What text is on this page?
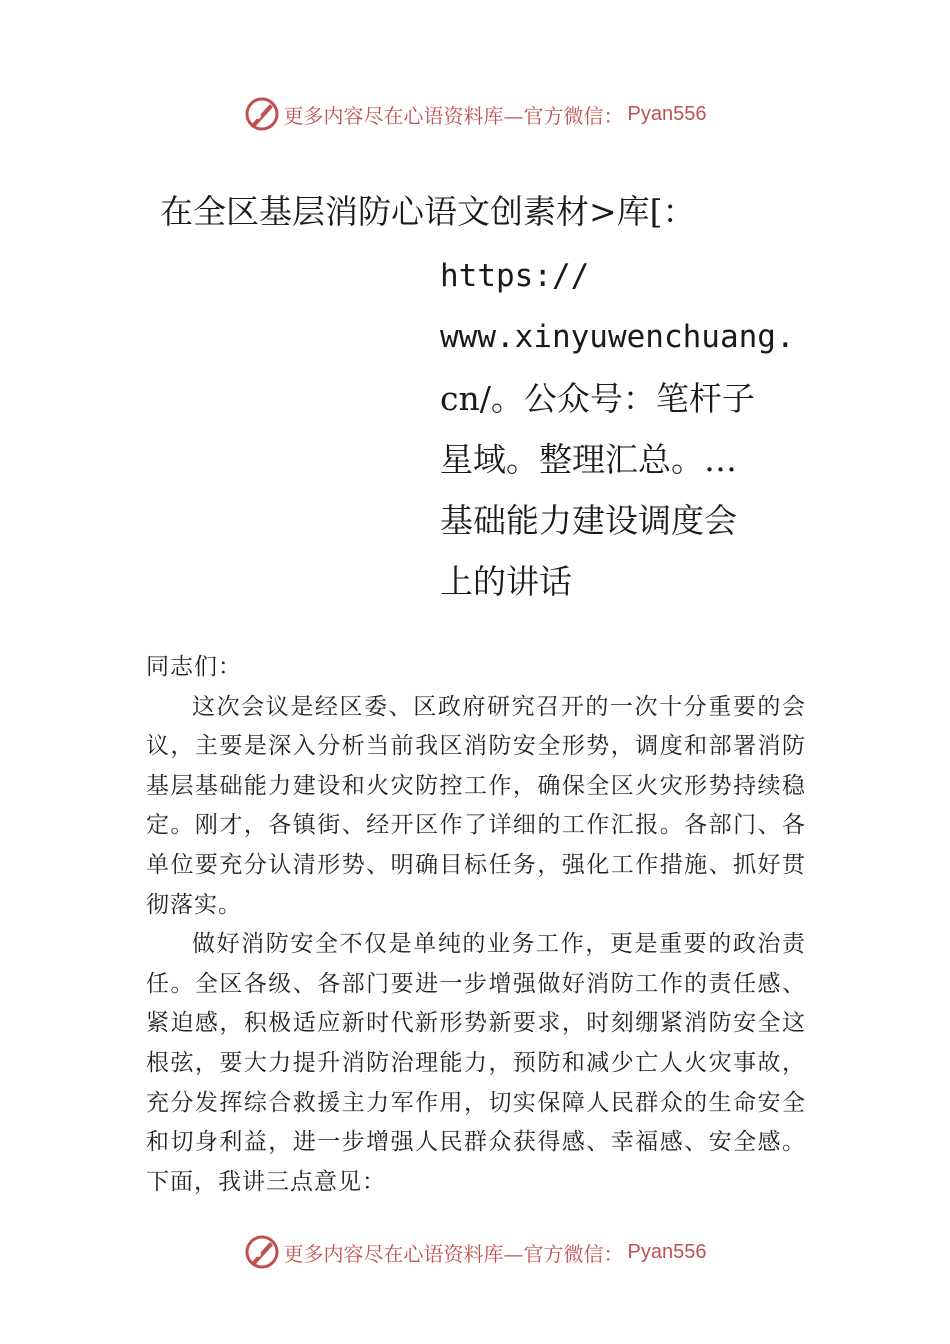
更多内容尽在心语资料库—官方微信： Pyan556
在全区基层消防心语文创素材>库[：
https://
www.xinyuwenchuang.
cn/。公众号：笔杆子
星域。整理汇总。…
基础能力建设调度会
上的讲话

同志们：

这次会议是经区委、区政府研究召开的一次十分重要的会议，主要是深入分析当前我区消防安全形势，调度和部署消防基层基础能力建设和火灾防控工作，确保全区火灾形势持续稳定。刚才，各镇街、经开区作了详细的工作汇报。各部门、各单位要充分认清形势、明确目标任务，强化工作措施、抓好贯彻落实。

做好消防安全不仅是单纯的业务工作，更是重要的政治责任。全区各级、各部门要进一步增强做好消防工作的责任感、紧迫感，积极适应新时代新形势新要求，时刻绷紧消防安全这根弦，要大力提升消防治理能力，预防和减少亡人火灾事故，充分发挥综合救援主力军作用，切实保障人民群众的生命安全和切身利益，进一步增强人民群众获得感、幸福感、安全感。下面，我讲三点意见：

更多内容尽在心语资料库—官方微信： Pyan556
